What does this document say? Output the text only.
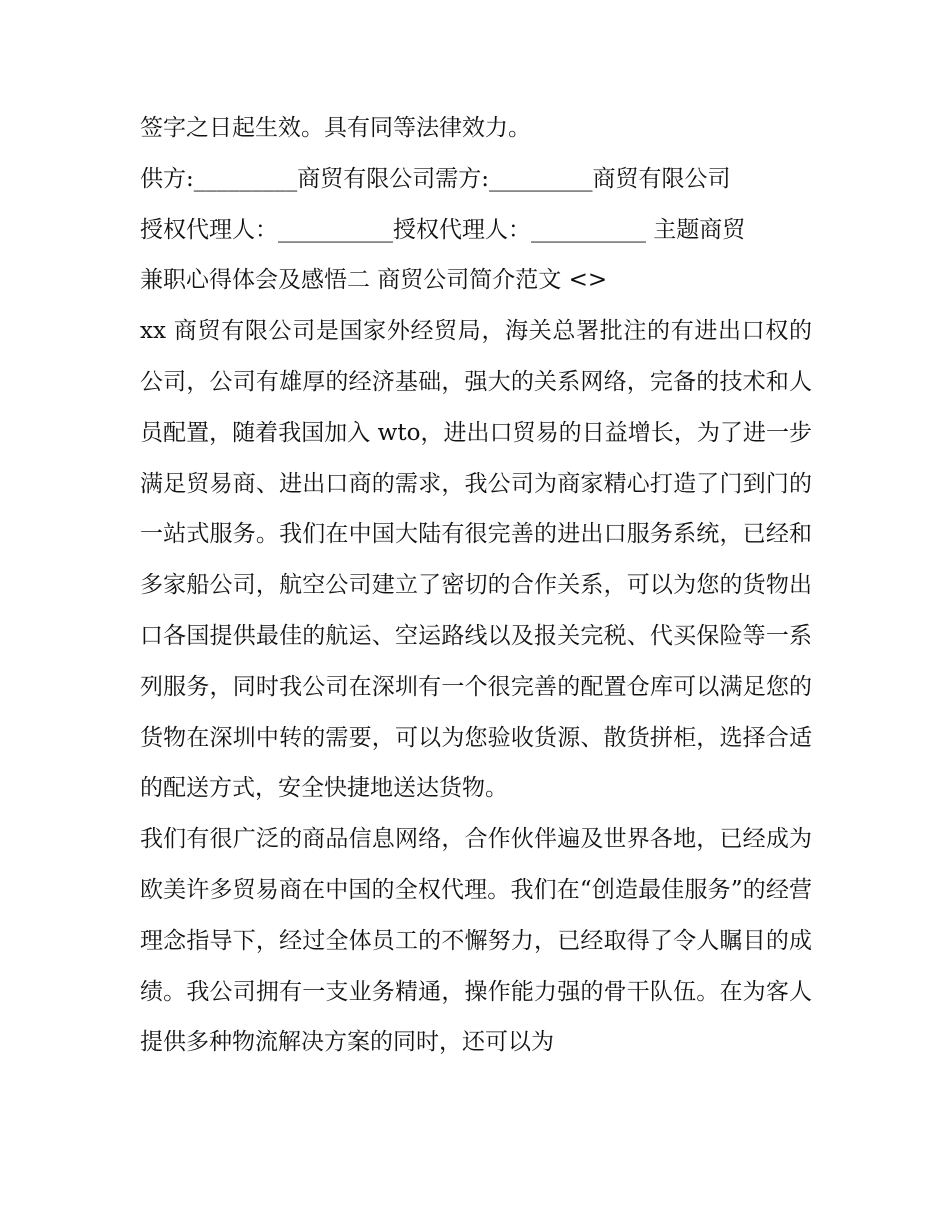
签字之日起生效。具有同等法律效力。

供方:_________商贸有限公司需方:_________商贸有限公司

授权代理人：__________授权代理人：__________ 主题商贸

兼职心得体会及感悟二 商贸公司简介范文 <>

xx 商贸有限公司是国家外经贸局，海关总署批注的有进出口权的公司，公司有雄厚的经济基础，强大的关系网络，完备的技术和人员配置，随着我国加入 wto，进出口贸易的日益增长，为了进一步满足贸易商、进出口商的需求，我公司为商家精心打造了门到门的一站式服务。我们在中国大陆有很完善的进出口服务系统，已经和多家船公司，航空公司建立了密切的合作关系，可以为您的货物出口各国提供最佳的航运、空运路线以及报关完税、代买保险等一系列服务，同时我公司在深圳有一个很完善的配置仓库可以满足您的货物在深圳中转的需要，可以为您验收货源、散货拼柜，选择合适的配送方式，安全快捷地送达货物。

我们有很广泛的商品信息网络，合作伙伴遍及世界各地，已经成为欧美许多贸易商在中国的全权代理。我们在“创造最佳服务”的经营理念指导下，经过全体员工的不懈努力，已经取得了令人瞩目的成绩。我公司拥有一支业务精通，操作能力强的骨干队伍。在为客人提供多种物流解决方案的同时，还可以为
